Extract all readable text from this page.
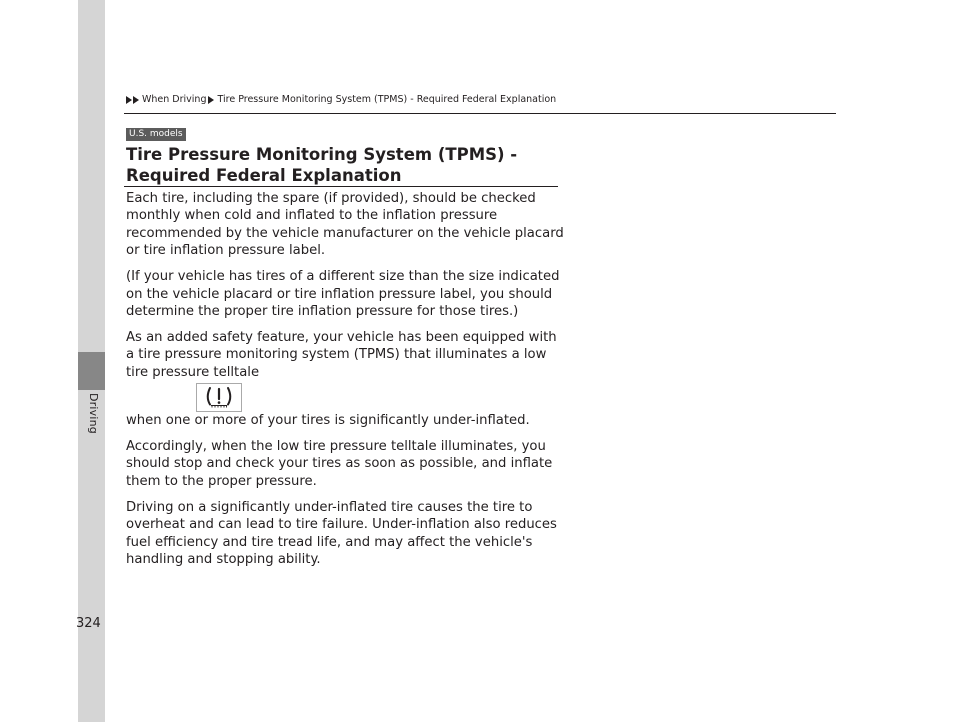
Driving
When Driving Tire Pressure Monitoring System (TPMS) - Required Federal Explanation
U.S. models
Tire Pressure Monitoring System (TPMS) - Required Federal Explanation

Each tire, including the spare (if provided), should be checked monthly when cold and inflated to the inflation pressure recommended by the vehicle manufacturer on the vehicle placard or tire inflation pressure label.

(If your vehicle has tires of a different size than the size indicated on the vehicle placard or tire inflation pressure label, you should determine the proper tire inflation pressure for those tires.)

As an added safety feature, your vehicle has been equipped with a tire pressure monitoring system (TPMS) that illuminates a low tire pressure telltale

when one or more of your tires is significantly under-inflated.

Accordingly, when the low tire pressure telltale illuminates, you should stop and check your tires as soon as possible, and inflate them to the proper pressure.

Driving on a significantly under-inflated tire causes the tire to overheat and can lead to tire failure. Under-inflation also reduces fuel efficiency and tire tread life, and may affect the vehicle's handling and stopping ability.

324
